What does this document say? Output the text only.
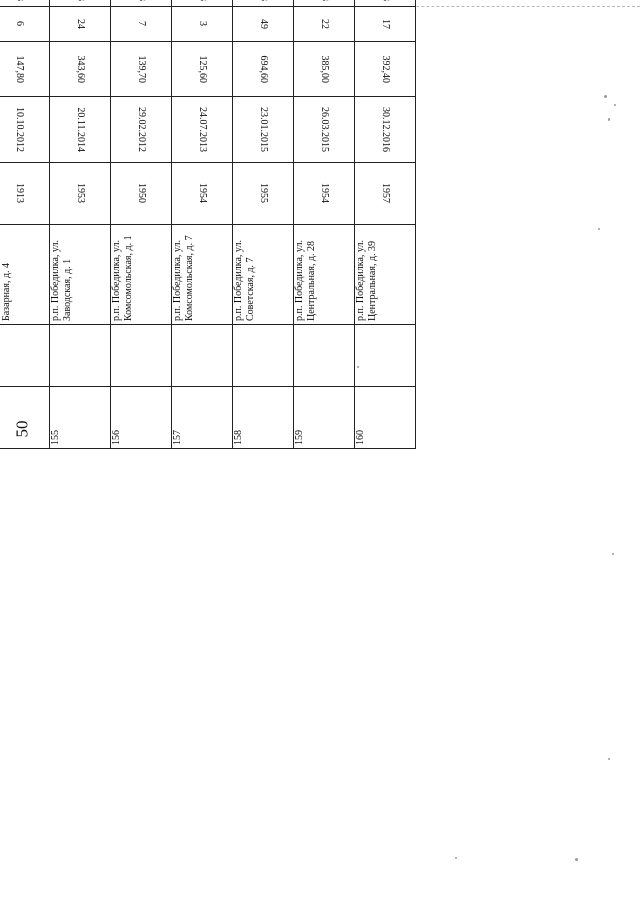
50

		Базарная, д. 4	1913	10.10.2012	147,80	6					
155		р.п. Победилка, ул. Заводская, д. 1	1953	20.11.2014	343,60	24					
156		р.п. Победилка, ул. Комсомольская, д. 1	1950	29.02.2012	139,70	7					
157		р.п. Победилка, ул. Комсомольская, д. 7	1954	24.07.2013	125,60	3					
158		р.п. Победилка, ул. Советская, д. 7	1955	23.01.2015	694,60	49					
159		р.п. Победилка, ул. Центральная, д. 28	1954	26.03.2015	385,00	22					
160		р.п. Победилка, ул. Центральная, д. 39	1957	30.12.2016	392,40	17					
